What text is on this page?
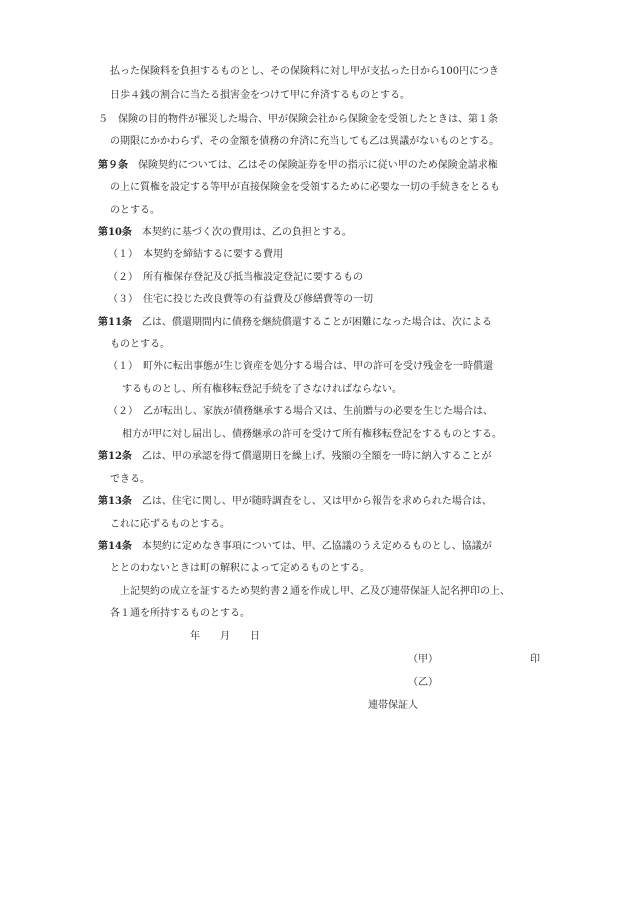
払った保険料を負担するものとし、その保険料に対し甲が支払った日から100円につき

日歩４銭の割合に当たる損害金をつけて甲に弁済するものとする。

５　保険の目的物件が罹災した場合、甲が保険会社から保険金を受領したときは、第１条

の期限にかかわらず、その金額を債務の弁済に充当しても乙は異議がないものとする。

第９条　保険契約については、乙はその保険証券を甲の指示に従い甲のため保険金請求権

の上に質権を設定する等甲が直接保険金を受領するために必要な一切の手続きをとるも

のとする。

第10条　本契約に基づく次の費用は、乙の負担とする。

（１）　本契約を締結するに要する費用

（２）　所有権保存登記及び抵当権設定登記に要するもの

（３）　住宅に投じた改良費等の有益費及び修繕費等の一切

第11条　乙は、償還期間内に債務を継続償還することが困難になった場合は、次による

ものとする。

（１）　町外に転出事態が生じ資産を処分する場合は、甲の許可を受け残金を一時償還

するものとし、所有権移転登記手続を了さなければならない。

（２）　乙が転出し、家族が債務継承する場合又は、生前贈与の必要を生じた場合は、

相方が甲に対し届出し、債務継承の許可を受けて所有権移転登記をするものとする。

第12条　乙は、甲の承認を得て償還期日を繰上げ、残額の全額を一時に納入することが

できる。

第13条　乙は、住宅に関し、甲が随時調査をし、又は甲から報告を求められた場合は、

これに応ずるものとする。

第14条　本契約に定めなき事項については、甲、乙協議のうえ定めるものとし、協議が

ととのわないときは町の解釈によって定めるものとする。

上記契約の成立を証するため契約書２通を作成し甲、乙及び連帯保証人記名押印の上、

各１通を所持するものとする。

年　　月　　日

（甲）	印

（乙）

連帯保証人
